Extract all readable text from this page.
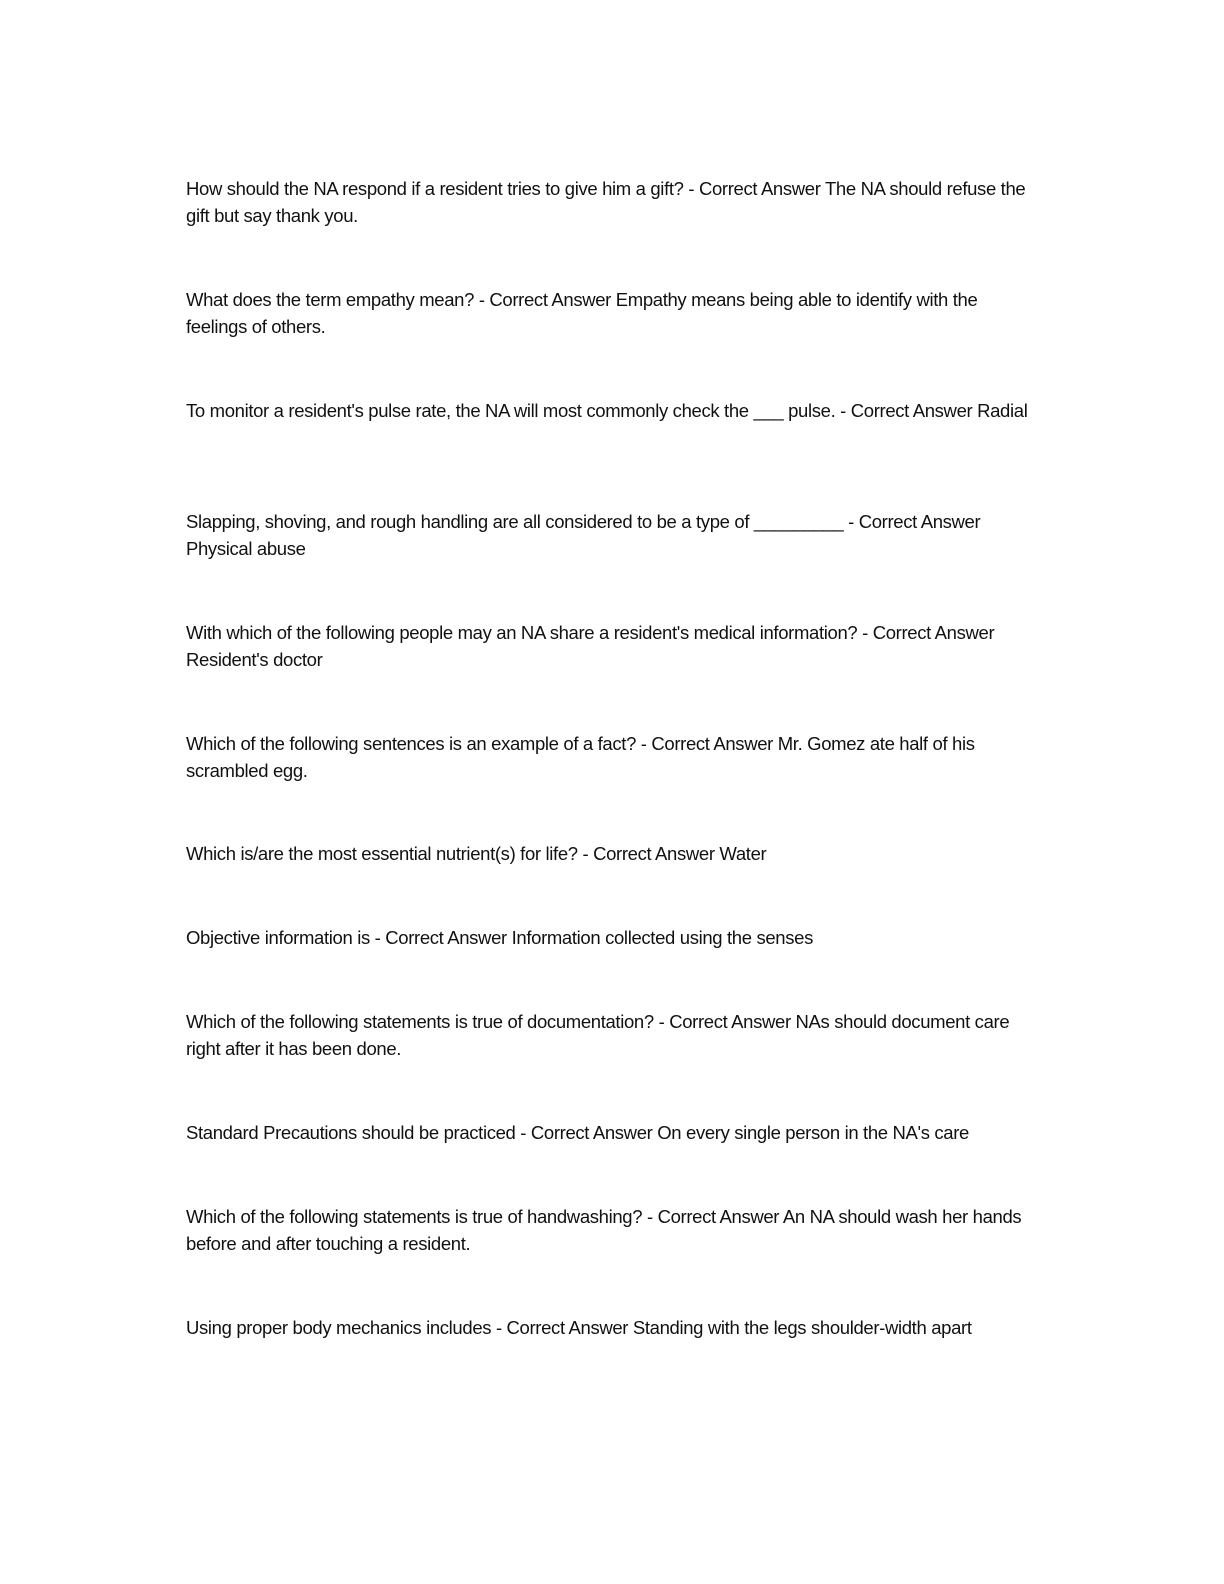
How should the NA respond if a resident tries to give him a gift? - Correct Answer The NA should refuse the gift but say thank you.

What does the term empathy mean? - Correct Answer Empathy means being able to identify with the feelings of others.

To monitor a resident's pulse rate, the NA will most commonly check the ___ pulse. - Correct Answer Radial

Slapping, shoving, and rough handling are all considered to be a type of _________ - Correct Answer Physical abuse

With which of the following people may an NA share a resident's medical information? - Correct Answer Resident's doctor

Which of the following sentences is an example of a fact? - Correct Answer Mr. Gomez ate half of his scrambled egg.

Which is/are the most essential nutrient(s) for life? - Correct Answer Water

Objective information is - Correct Answer Information collected using the senses

Which of the following statements is true of documentation? - Correct Answer NAs should document care right after it has been done.

Standard Precautions should be practiced - Correct Answer On every single person in the NA's care

Which of the following statements is true of handwashing? - Correct Answer An NA should wash her hands before and after touching a resident.

Using proper body mechanics includes - Correct Answer Standing with the legs shoulder-width apart
